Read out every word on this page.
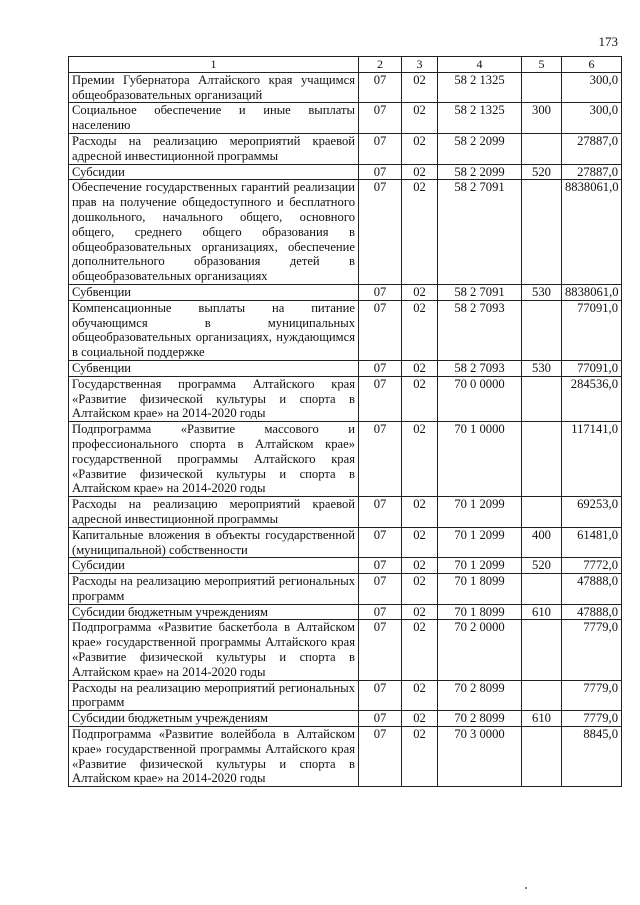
173
1	2	3	4	5	6
Премии Губернатора Алтайского края учащимся общеобразовательных организаций	07	02	58 2 1325		300,0
Социальное обеспечение и иные выплаты населению	07	02	58 2 1325	300	300,0
Расходы на реализацию мероприятий краевой адресной инвестиционной программы	07	02	58 2 2099		27887,0
Субсидии	07	02	58 2 2099	520	27887,0
Обеспечение государственных гарантий реализации прав на получение общедоступного и бесплатного дошкольного, начального общего, основного общего, среднего общего образования в общеобразовательных организациях, обеспечение дополнительного образования детей в общеобразовательных организациях	07	02	58 2 7091		8838061,0
Субвенции	07	02	58 2 7091	530	8838061,0
Компенсационные выплаты на питание обучающимся в муниципальных общеобразовательных организациях, нуждающимся в социальной поддержке	07	02	58 2 7093		77091,0
Субвенции	07	02	58 2 7093	530	77091,0
Государственная программа Алтайского края «Развитие физической культуры и спорта в Алтайском крае» на 2014-2020 годы	07	02	70 0 0000		284536,0
Подпрограмма «Развитие массового и профессионального спорта в Алтайском крае» государственной программы Алтайского края «Развитие физической культуры и спорта в Алтайском крае» на 2014-2020 годы	07	02	70 1 0000		117141,0
Расходы на реализацию мероприятий краевой адресной инвестиционной программы	07	02	70 1 2099		69253,0
Капитальные вложения в объекты государственной (муниципальной) собственности	07	02	70 1 2099	400	61481,0
Субсидии	07	02	70 1 2099	520	7772,0
Расходы на реализацию мероприятий региональных программ	07	02	70 1 8099		47888,0
Субсидии бюджетным учреждениям	07	02	70 1 8099	610	47888,0
Подпрограмма «Развитие баскетбола в Алтайском крае» государственной программы Алтайского края «Развитие физической культуры и спорта в Алтайском крае» на 2014-2020 годы	07	02	70 2 0000		7779,0
Расходы на реализацию мероприятий региональных программ	07	02	70 2 8099		7779,0
Субсидии бюджетным учреждениям	07	02	70 2 8099	610	7779,0
Подпрограмма «Развитие волейбола в Алтайском крае» государственной программы Алтайского края «Развитие физической культуры и спорта в Алтайском крае» на 2014-2020 годы	07	02	70 3 0000		8845,0
